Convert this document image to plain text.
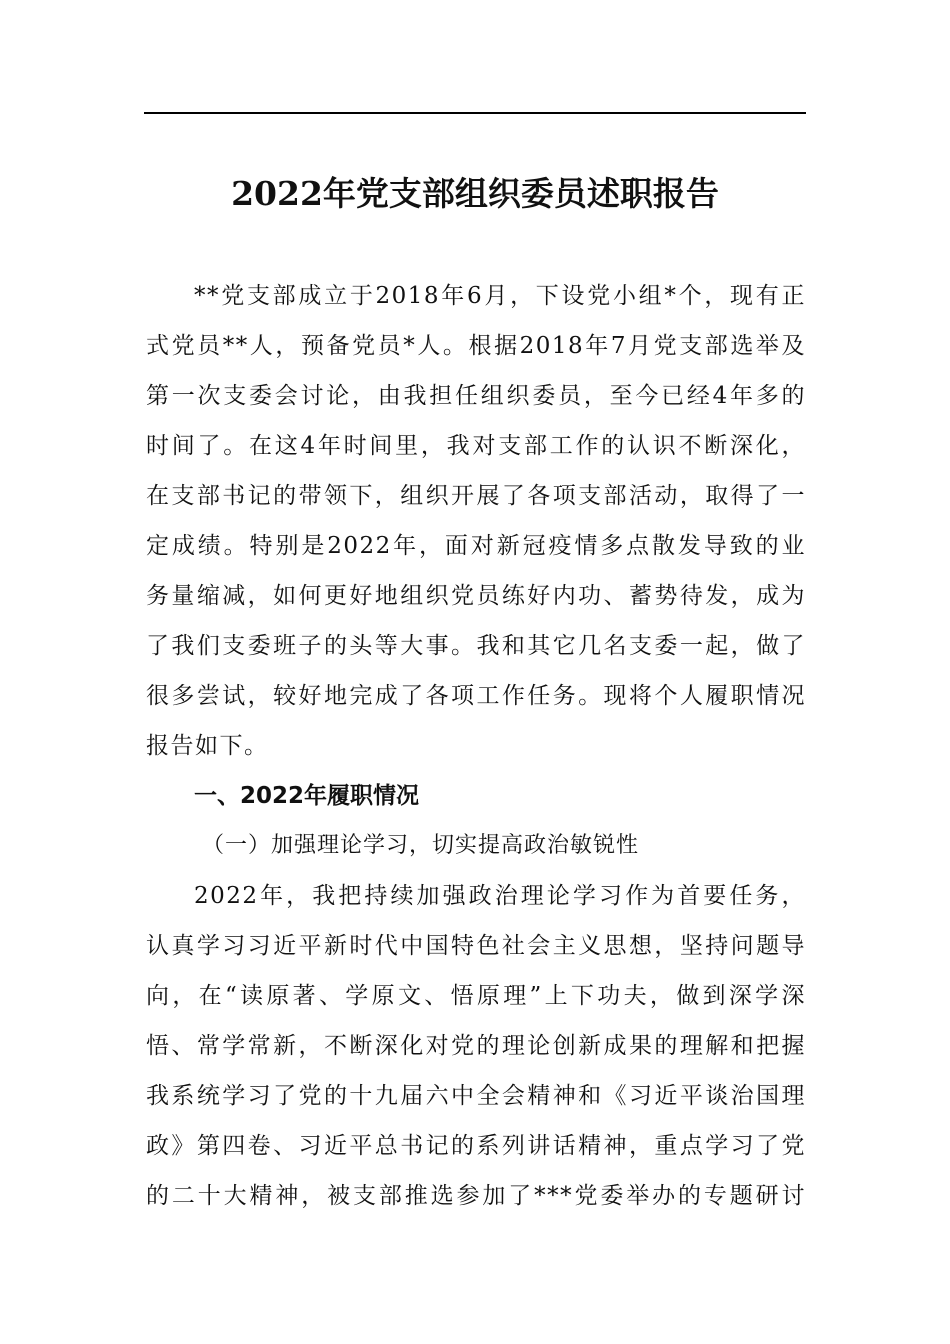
2022年党支部组织委员述职报告
**党支部成立于2018年6月，下设党小组*个，现有正
式党员**人，预备党员*人。根据2018年7月党支部选举及
第一次支委会讨论，由我担任组织委员，至今已经4年多的
时间了。在这4年时间里，我对支部工作的认识不断深化，
在支部书记的带领下，组织开展了各项支部活动，取得了一
定成绩。特别是2022年，面对新冠疫情多点散发导致的业
务量缩减，如何更好地组织党员练好内功、蓄势待发，成为
了我们支委班子的头等大事。我和其它几名支委一起，做了
很多尝试，较好地完成了各项工作任务。现将个人履职情况
报告如下。
一、2022年履职情况
（一）加强理论学习，切实提高政治敏锐性
2022年，我把持续加强政治理论学习作为首要任务，
认真学习习近平新时代中国特色社会主义思想，坚持问题导
向，在“读原著、学原文、悟原理”上下功夫，做到深学深
悟、常学常新，不断深化对党的理论创新成果的理解和把握
我系统学习了党的十九届六中全会精神和《习近平谈治国理
政》第四卷、习近平总书记的系列讲话精神，重点学习了党
的二十大精神，被支部推选参加了***党委举办的专题研讨
